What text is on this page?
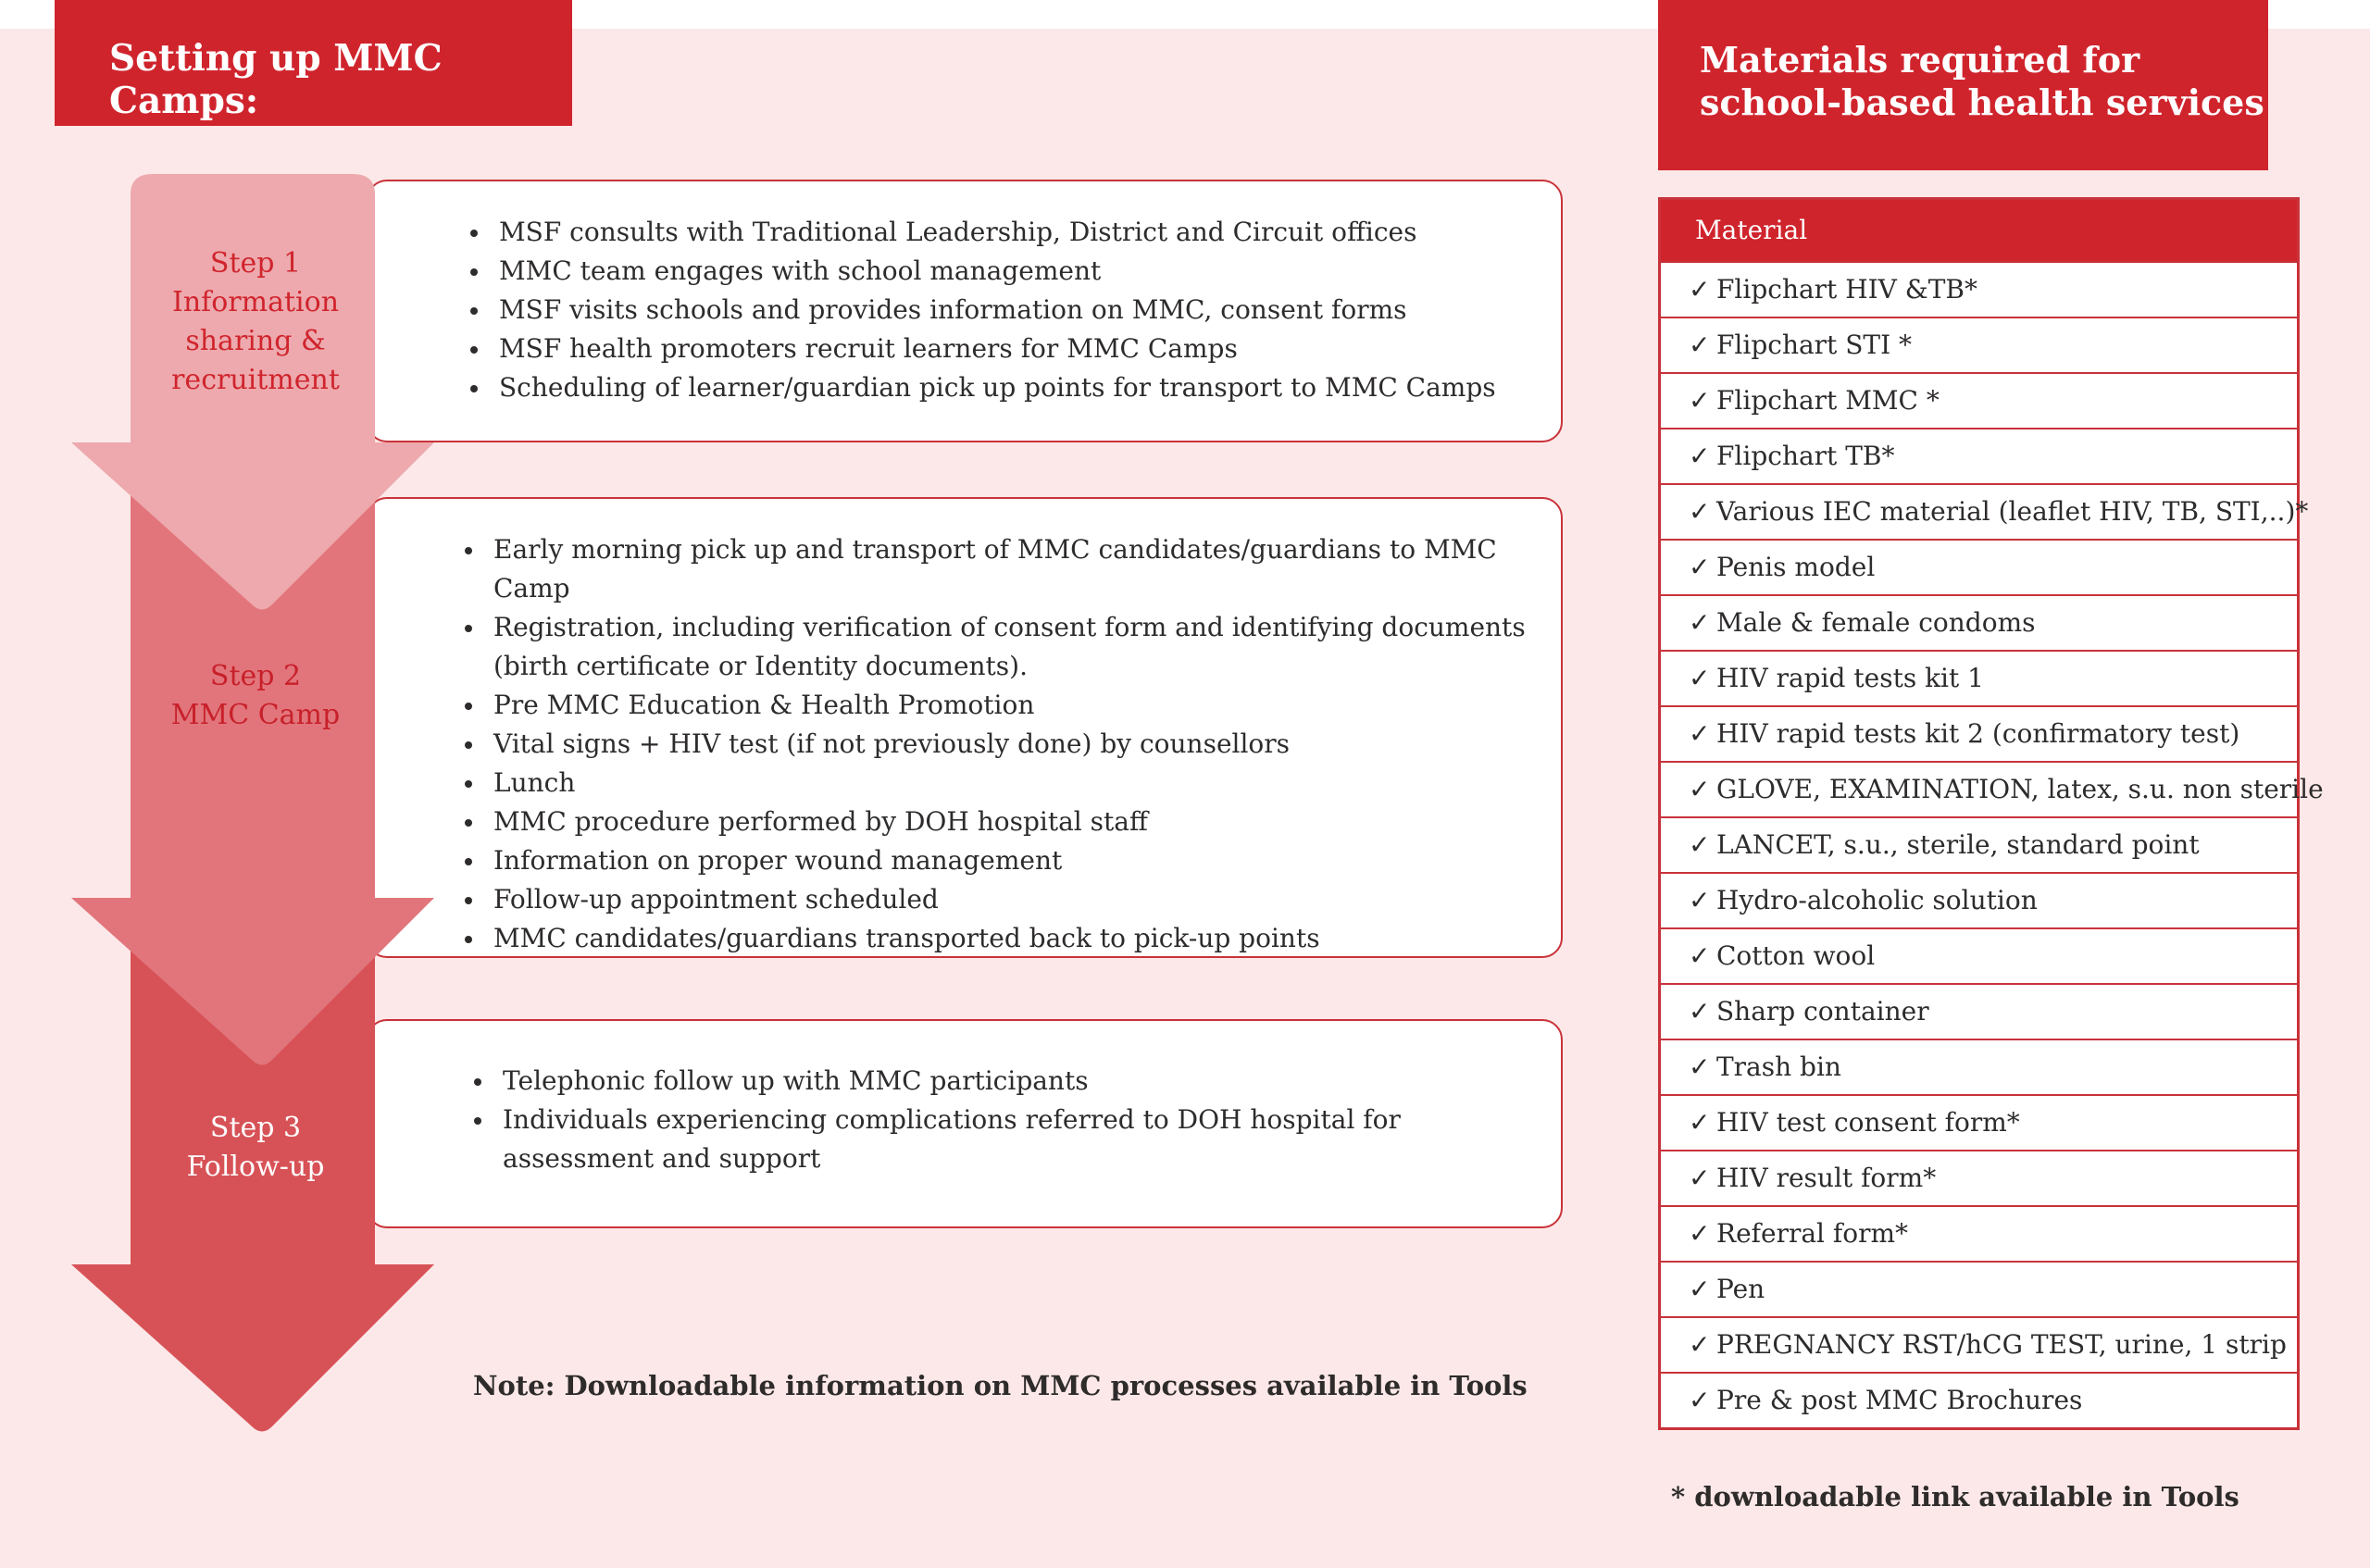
Setting up MMC Camps:
Materials required for
school-based health services
MSF consults with Traditional Leadership, District and Circuit offices
MMC team engages with school management
MSF visits schools and provides information on MMC, consent forms
MSF health promoters recruit learners for MMC Camps
Scheduling of learner/guardian pick up points for transport to MMC Camps
Early morning pick up and transport of MMC candidates/guardians to MMC Camp
Registration, including verification of consent form and identifying documents (birth certificate or Identity documents).
Pre MMC Education & Health Promotion
Vital signs + HIV test (if not previously done) by counsellors
Lunch
MMC procedure performed by DOH hospital staff
Information on proper wound management
Follow-up appointment scheduled
MMC candidates/guardians transported back to pick-up points
Telephonic follow up with MMC participants
Individuals experiencing complications referred to DOH hospital for assessment and support
Step 1
Information
sharing &
recruitment
Step 2
MMC Camp
Step 3
Follow-up
Note: Downloadable information on MMC processes available in Tools
Material
✓Flipchart HIV &TB*
✓Flipchart STI *
✓Flipchart MMC *
✓Flipchart TB*
✓Various IEC material (leaflet HIV, TB, STI,..)*
✓Penis model
✓Male & female condoms
✓HIV rapid tests kit 1
✓HIV rapid tests kit 2 (confirmatory test)
✓GLOVE, EXAMINATION, latex, s.u. non sterile
✓LANCET, s.u., sterile, standard point
✓Hydro-alcoholic solution
✓Cotton wool
✓Sharp container
✓Trash bin
✓HIV test consent form*
✓HIV result form*
✓Referral form*
✓Pen
✓PREGNANCY RST/hCG TEST, urine, 1 strip
✓Pre & post MMC Brochures
* downloadable link available in Tools
